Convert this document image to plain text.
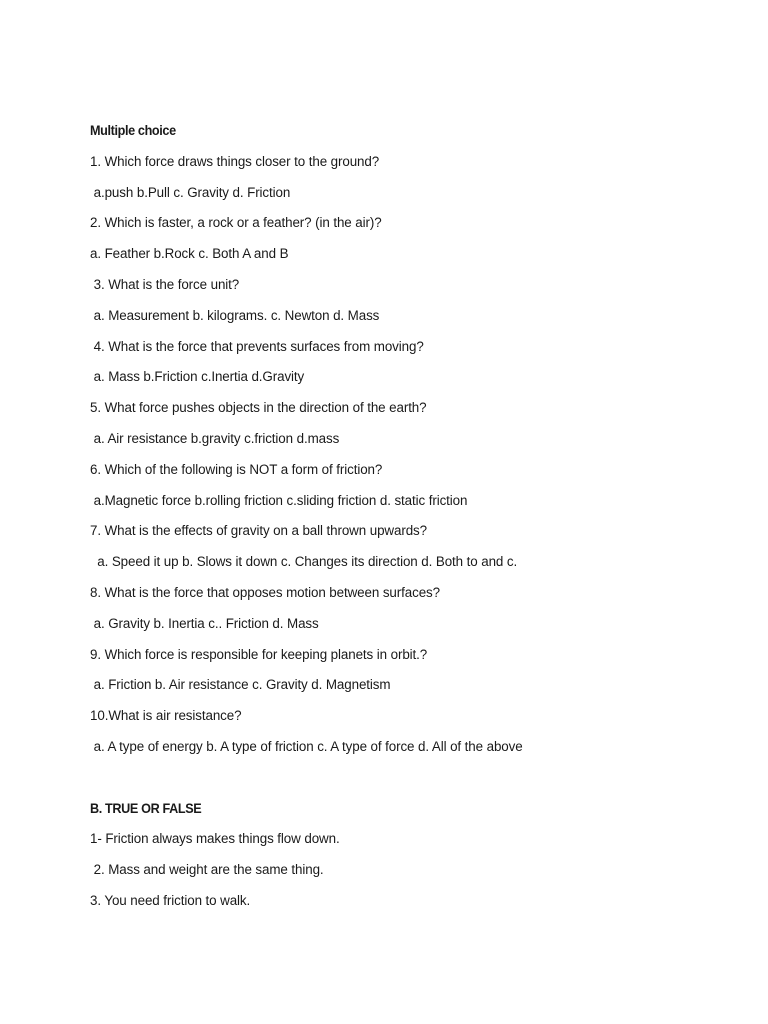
Multiple choice
1. Which force draws things closer to the ground?
a.push b.Pull c. Gravity d. Friction
2. Which is faster, a rock or a feather? (in the air)?
a. Feather b.Rock c. Both A and B
3. What is the force unit?
a. Measurement b. kilograms. c. Newton d. Mass
4. What is the force that prevents surfaces from moving?
a. Mass b.Friction c.Inertia d.Gravity
5. What force pushes objects in the direction of the earth?
a. Air resistance b.gravity c.friction d.mass
6. Which of the following is NOT a form of friction?
a.Magnetic force b.rolling friction c.sliding friction d. static friction
7. What is the effects of gravity on a ball thrown upwards?
a. Speed it up b. Slows it down c. Changes its direction d. Both to and c.
8. What is the force that opposes motion between surfaces?
a. Gravity b. Inertia c.. Friction d. Mass
9. Which force is responsible for keeping planets in orbit.?
a. Friction b. Air resistance c. Gravity d. Magnetism
10.What is air resistance?
a. A type of energy b. A type of friction c. A type of force d. All of the above
B. TRUE OR FALSE
1- Friction always makes things flow down.
2. Mass and weight are the same thing.
3. You need friction to walk.
